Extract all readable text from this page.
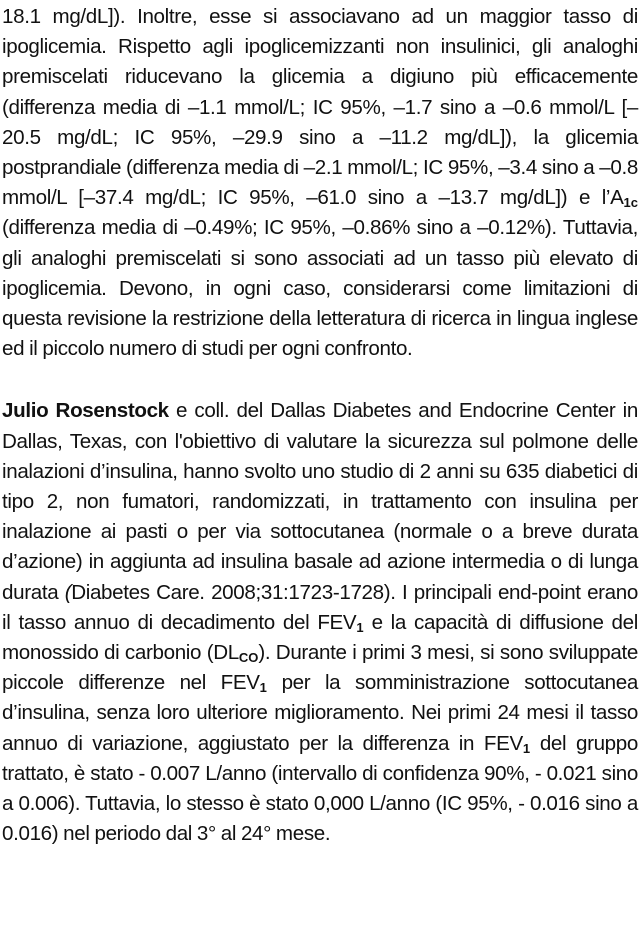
18.1 mg/dL]). Inoltre, esse si associavano ad un maggior tasso di ipoglicemia. Rispetto agli ipoglicemizzanti non insulinici, gli analoghi premiscelati riducevano la glicemia a digiuno più efficacemente (differenza media di –1.1 mmol/L; IC 95%, –1.7 sino a –0.6 mmol/L [–20.5 mg/dL; IC 95%, –29.9 sino a –11.2 mg/dL]), la glicemia postprandiale (differenza media di –2.1 mmol/L; IC 95%, –3.4 sino a –0.8 mmol/L [–37.4 mg/dL; IC 95%, –61.0 sino a –13.7 mg/dL]) e $l’A_{1c}$ (differenza media di –0.49%; IC 95%, –0.86% sino a –0.12%). Tuttavia, gli analoghi premiscelati si sono associati ad un tasso più elevato di ipoglicemia. Devono, in ogni caso, considerarsi come limitazioni di questa revisione la restrizione della letteratura di ricerca in lingua inglese ed il piccolo numero di studi per ogni confronto.

Julio Rosenstock e coll. del Dallas Diabetes and Endocrine Center in Dallas, Texas, con l'obiettivo di valutare la sicurezza sul polmone delle inalazioni d’insulina, hanno svolto uno studio di 2 anni su 635 diabetici di tipo 2, non fumatori, randomizzati, in trattamento con insulina per inalazione ai pasti o per via sottocutanea (normale o a breve durata d’azione) in aggiunta ad insulina basale ad azione intermedia o di lunga durata (Diabetes Care. 2008;31:1723-1728). I principali end-point erano il tasso annuo di decadimento del $FEV_1$ e la capacità di diffusione del monossido di carbonio $(DL_{CO})$. Durante i primi 3 mesi, si sono sviluppate piccole differenze nel $FEV_1$ per la somministrazione sottocutanea d’insulina, senza loro ulteriore miglioramento. Nei primi 24 mesi il tasso annuo di variazione, aggiustato per la differenza in $FEV_1$ del gruppo trattato, è stato - 0.007 L/anno (intervallo di confidenza 90%, - 0.021 sino a 0.006). Tuttavia, lo stesso è stato 0,000 L/anno (IC 95%, - 0.016 sino a 0.016) nel periodo dal 3° al 24° mese.
